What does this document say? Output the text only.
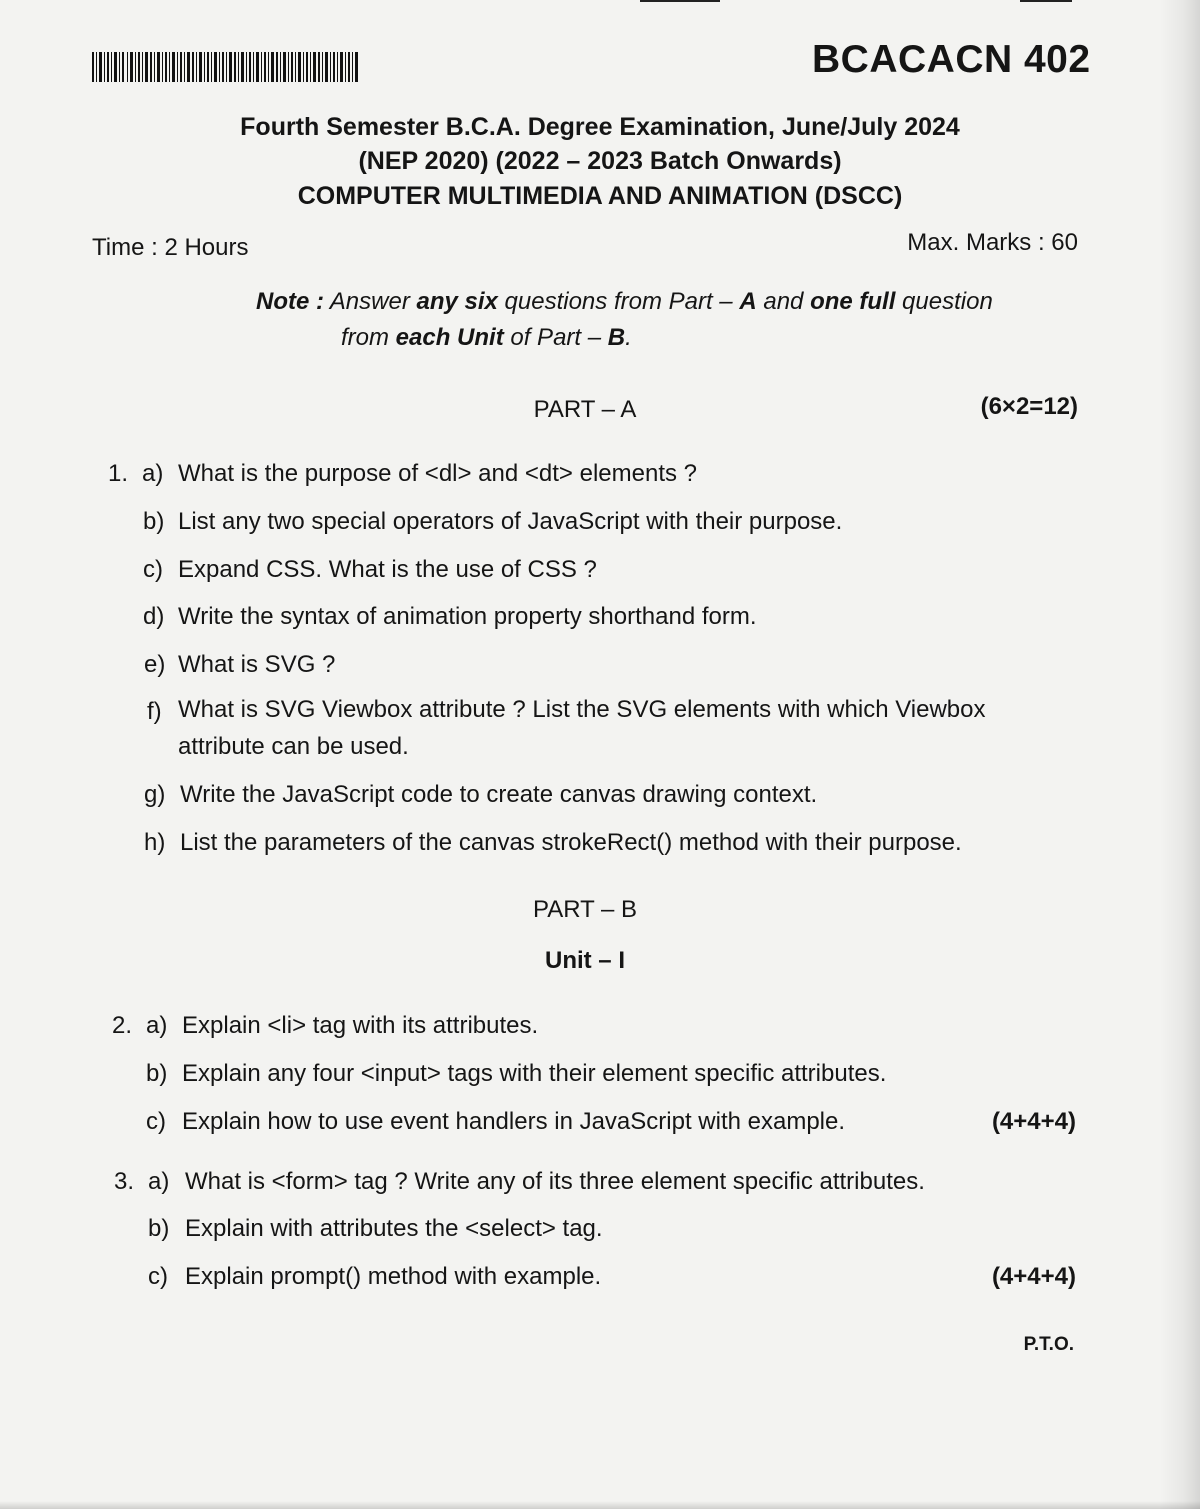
BCACACN 402
Fourth Semester B.C.A. Degree Examination, June/July 2024
(NEP 2020) (2022 – 2023 Batch Onwards)
COMPUTER MULTIMEDIA AND ANIMATION (DSCC)
Time : 2 Hours	Max. Marks : 60
Note : Answer any six questions from Part – A and one full question
from each Unit of Part – B.
PART – A	(6×2=12)
1. a) What is the purpose of <dl> and <dt> elements ?
b) List any two special operators of JavaScript with their purpose.
c) Expand CSS. What is the use of CSS ?
d) Write the syntax of animation property shorthand form.
e) What is SVG ?
f) What is SVG Viewbox attribute ? List the SVG elements with which Viewbox attribute can be used.
g) Write the JavaScript code to create canvas drawing context.
h) List the parameters of the canvas strokeRect() method with their purpose.
PART – B
Unit – I
2. a) Explain <li> tag with its attributes.
b) Explain any four <input> tags with their element specific attributes.
c) Explain how to use event handlers in JavaScript with example.	(4+4+4)
3. a) What is <form> tag ? Write any of its three element specific attributes.
b) Explain with attributes the <select> tag.
c) Explain prompt() method with example.	(4+4+4)
P.T.O.
